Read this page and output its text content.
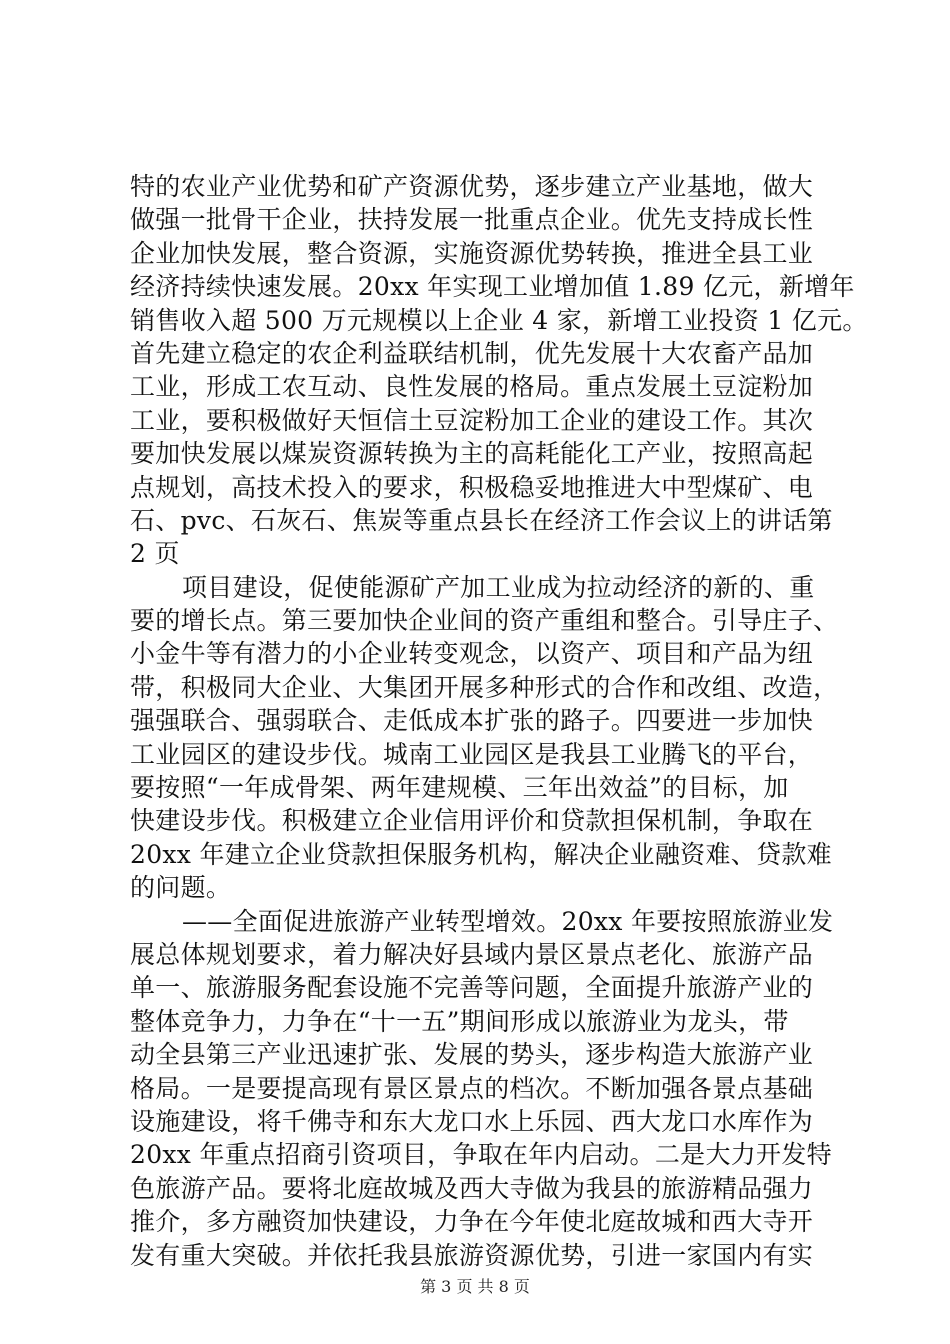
特的农业产业优势和矿产资源优势，逐步建立产业基地，做大
做强一批骨干企业，扶持发展一批重点企业。优先支持成长性
企业加快发展，整合资源，实施资源优势转换，推进全县工业
经济持续快速发展。20xx 年实现工业增加值 1.89 亿元，新增年
销售收入超 500 万元规模以上企业 4 家，新增工业投资 1 亿元。
首先建立稳定的农企利益联结机制，优先发展十大农畜产品加
工业，形成工农互动、良性发展的格局。重点发展土豆淀粉加
工业，要积极做好天恒信土豆淀粉加工企业的建设工作。其次
要加快发展以煤炭资源转换为主的高耗能化工产业，按照高起
点规划，高技术投入的要求，积极稳妥地推进大中型煤矿、电
石、pvc、石灰石、焦炭等重点县长在经济工作会议上的讲话第
2 页
项目建设，促使能源矿产加工业成为拉动经济的新的、重
要的增长点。第三要加快企业间的资产重组和整合。引导庄子、
小金牛等有潜力的小企业转变观念，以资产、项目和产品为纽
带，积极同大企业、大集团开展多种形式的合作和改组、改造，
强强联合、强弱联合、走低成本扩张的路子。四要进一步加快
工业园区的建设步伐。城南工业园区是我县工业腾飞的平台，
要按照“一年成骨架、两年建规模、三年出效益”的目标，加
快建设步伐。积极建立企业信用评价和贷款担保机制，争取在
20xx 年建立企业贷款担保服务机构，解决企业融资难、贷款难
的问题。
——全面促进旅游产业转型增效。20xx 年要按照旅游业发
展总体规划要求，着力解决好县域内景区景点老化、旅游产品
单一、旅游服务配套设施不完善等问题，全面提升旅游产业的
整体竞争力，力争在“十一五”期间形成以旅游业为龙头，带
动全县第三产业迅速扩张、发展的势头，逐步构造大旅游产业
格局。一是要提高现有景区景点的档次。不断加强各景点基础
设施建设，将千佛寺和东大龙口水上乐园、西大龙口水库作为
20xx 年重点招商引资项目，争取在年内启动。二是大力开发特
色旅游产品。要将北庭故城及西大寺做为我县的旅游精品强力
推介，多方融资加快建设，力争在今年使北庭故城和西大寺开
发有重大突破。并依托我县旅游资源优势，引进一家国内有实
第 3 页 共 8 页
